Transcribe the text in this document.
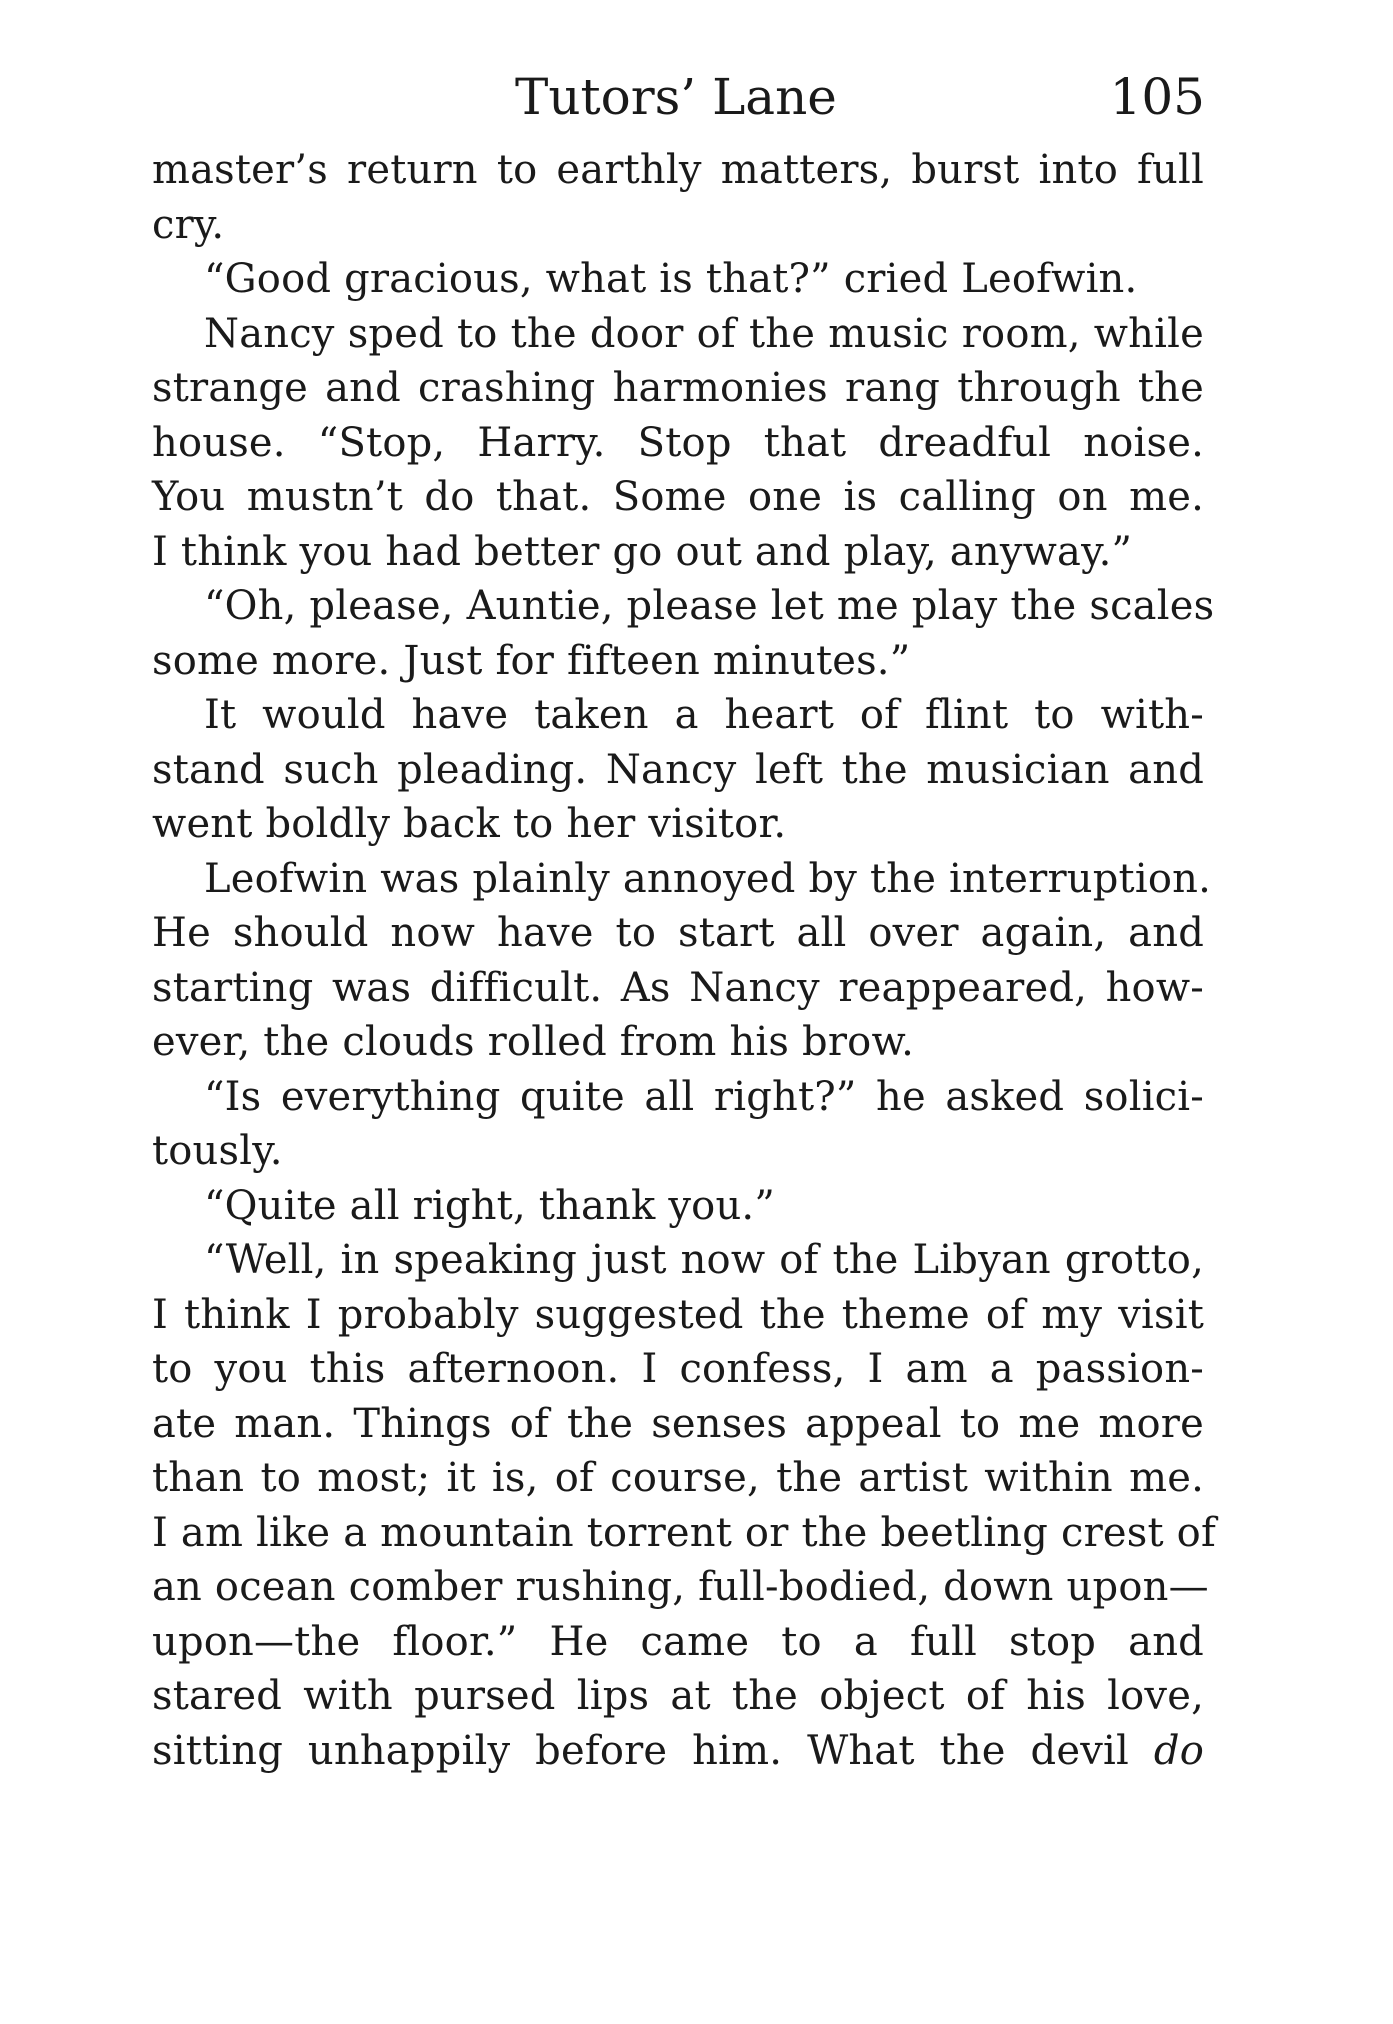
Tutors’ Lane	105
master’s return to earthly matters, burst into full
cry.
“Good gracious, what is that?” cried Leofwin.
Nancy sped to the door of the music room, while
strange and crashing harmonies rang through the
house. “Stop, Harry. Stop that dreadful noise.
You mustn’t do that. Some one is calling on me.
I think you had better go out and play, anyway.”
“Oh, please, Auntie, please let me play the scales
some more. Just for fifteen minutes.”
It would have taken a heart of flint to with-
stand such pleading. Nancy left the musician and
went boldly back to her visitor.
Leofwin was plainly annoyed by the interruption.
He should now have to start all over again, and
starting was difficult. As Nancy reappeared, how-
ever, the clouds rolled from his brow.
“Is everything quite all right?” he asked solici-
tously.
“Quite all right, thank you.”
“Well, in speaking just now of the Libyan grotto,
I think I probably suggested the theme of my visit
to you this afternoon. I confess, I am a passion-
ate man. Things of the senses appeal to me more
than to most; it is, of course, the artist within me.
I am like a mountain torrent or the beetling crest of
an ocean comber rushing, full-bodied, down upon—
upon—the floor.” He came to a full stop and
stared with pursed lips at the object of his love,
sitting unhappily before him. What the devil do
